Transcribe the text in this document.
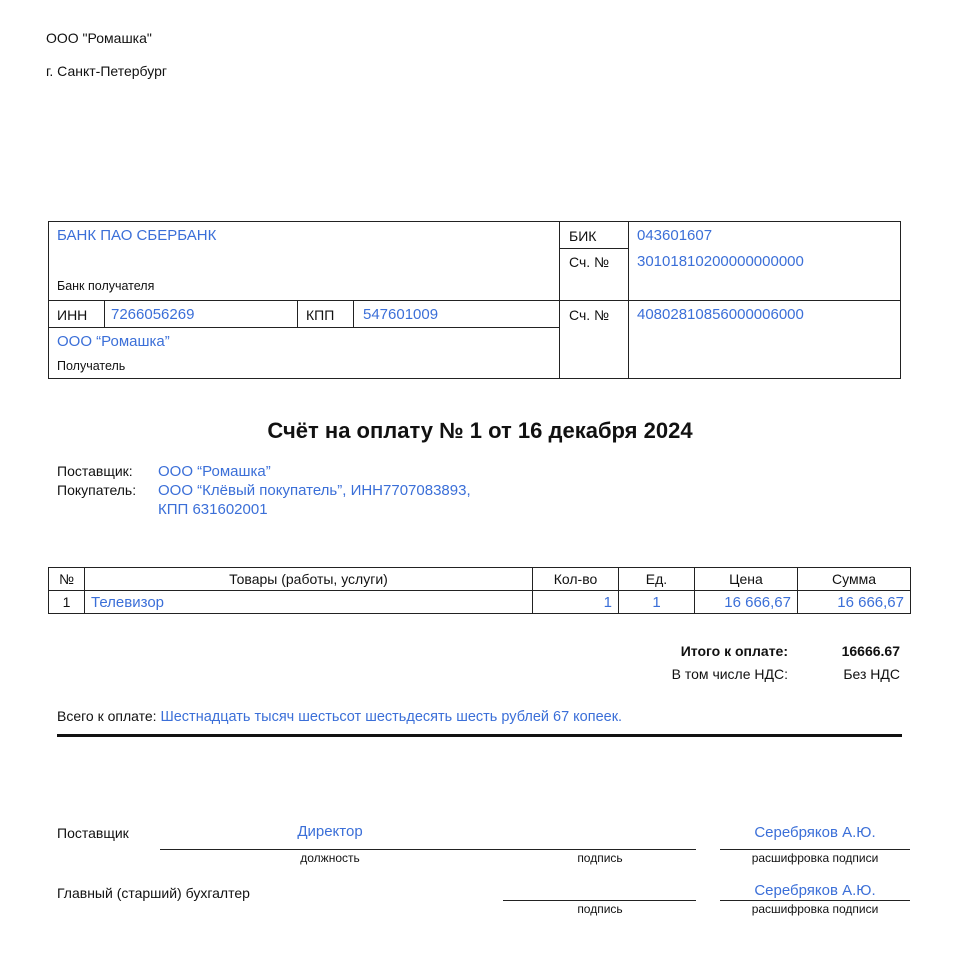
ООО "Ромашка"
г. Санкт-Петербург
БАНК ПАО СБЕРБАНК
Банк получателя
БИК	043601607
Сч. № 30101810200000000000
ИНН 7266056269	КПП 547601009	Сч. № 40802810856000006000
ООО “Ромашка”
Получатель
Счёт на оплату № 1 от 16 декабря 2024
Поставщик:	ООО “Ромашка”
Покупатель:	ООО “Клёвый покупатель”, ИНН7707083893,
КПП 631602001
№	Товары (работы, услуги)	Кол-во	Ед.	Цена	Сумма
1	Телевизор	1	1	16 666,67	16 666,67
Итого к оплате:	16666.67
В том числе НДС:	Без НДС
Всего к оплате: Шестнадцать тысяч шестьсот шестьдесять шесть рублей 67 копеек.
Поставщик	Директор	Серебряков А.Ю.
должность	подпись	расшифровка подписи
Главный (старший) бухгалтер	Серебряков А.Ю.
подпись	расшифровка подписи
